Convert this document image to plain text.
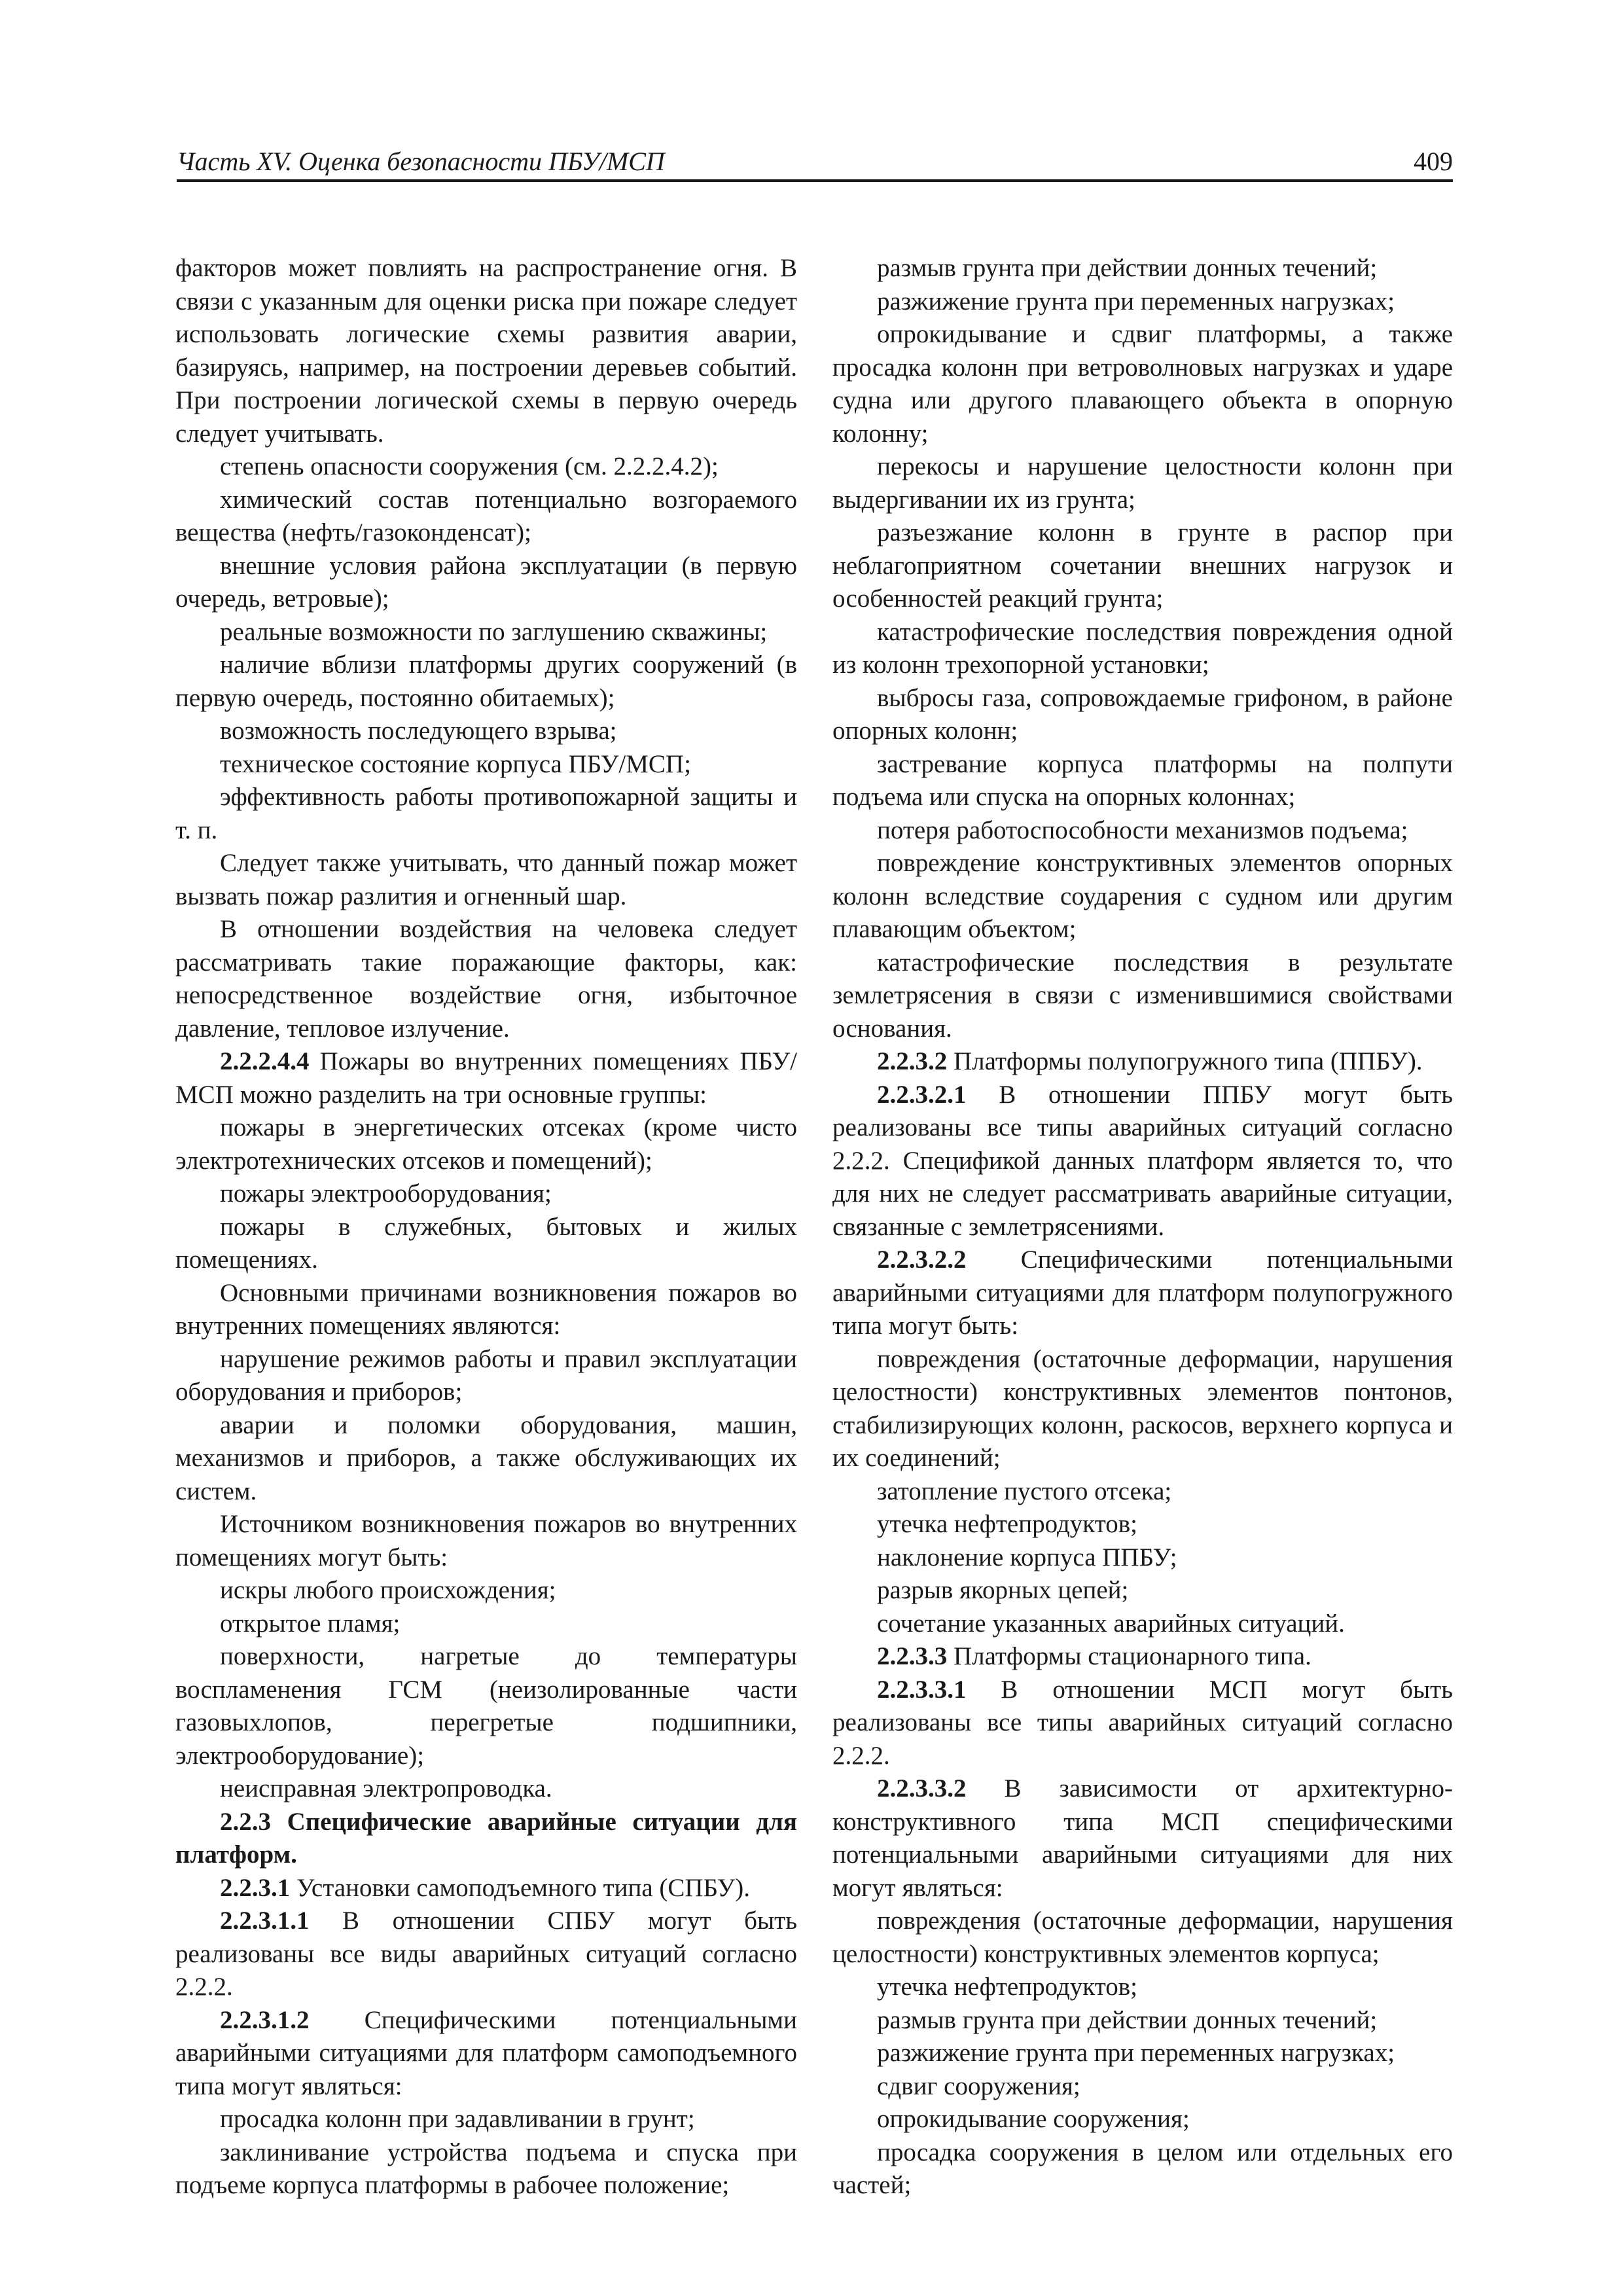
Часть XV. Оценка безопасности ПБУ/МСП	409

факторов может повлиять на распространение огня. В связи с указанным для оценки риска при пожаре следует использовать логические схемы развития аварии, базируясь, например, на построении деревьев событий. При построении логической схемы в первую очередь следует учитывать.

степень опасности сооружения (см. 2.2.2.4.2);

химический состав потенциально возгораемого вещества (нефть/газоконденсат);

внешние условия района эксплуатации (в первую очередь, ветровые);

реальные возможности по заглушению скважины;

наличие вблизи платформы других сооружений (в первую очередь, постоянно обитаемых);

возможность последующего взрыва;

техническое состояние корпуса ПБУ/МСП;

эффективность работы противопожарной защиты и т. п.

Следует также учитывать, что данный пожар может вызвать пожар разлития и огненный шар.

В отношении воздействия на человека следует рассматривать такие поражающие факторы, как: непосредственное воздействие огня, избыточное давление, тепловое излучение.

2.2.2.4.4 Пожары во внутренних помещениях ПБУ/МСП можно разделить на три основные группы:

пожары в энергетических отсеках (кроме чисто электротехнических отсеков и помещений);

пожары электрооборудования;

пожары в служебных, бытовых и жилых помещениях.

Основными причинами возникновения пожаров во внутренних помещениях являются:

нарушение режимов работы и правил эксплуатации оборудования и приборов;

аварии и поломки оборудования, машин, механизмов и приборов, а также обслуживающих их систем.

Источником возникновения пожаров во внутренних помещениях могут быть:

искры любого происхождения;

открытое пламя;

поверхности, нагретые до температуры воспламенения ГСМ (неизолированные части газовыхлопов, перегретые подшипники, электрооборудование);

неисправная электропроводка.

2.2.3 Специфические аварийные ситуации для платформ.

2.2.3.1 Установки самоподъемного типа (СПБУ).

2.2.3.1.1 В отношении СПБУ могут быть реализованы все виды аварийных ситуаций согласно 2.2.2.

2.2.3.1.2 Специфическими потенциальными аварийными ситуациями для платформ самоподъемного типа могут являться:

просадка колонн при задавливании в грунт;

заклинивание устройства подъема и спуска при подъеме корпуса платформы в рабочее положение;

размыв грунта при действии донных течений;

разжижение грунта при переменных нагрузках;

опрокидывание и сдвиг платформы, а также просадка колонн при ветроволновых нагрузках и ударе судна или другого плавающего объекта в опорную колонну;

перекосы и нарушение целостности колонн при выдергивании их из грунта;

разъезжание колонн в грунте в распор при неблагоприятном сочетании внешних нагрузок и особенностей реакций грунта;

катастрофические последствия повреждения одной из колонн трехопорной установки;

выбросы газа, сопровождаемые грифоном, в районе опорных колонн;

застревание корпуса платформы на полпути подъема или спуска на опорных колоннах;

потеря работоспособности механизмов подъема;

повреждение конструктивных элементов опорных колонн вследствие соударения с судном или другим плавающим объектом;

катастрофические последствия в результате землетрясения в связи с изменившимися свойствами основания.

2.2.3.2 Платформы полупогружного типа (ППБУ).

2.2.3.2.1 В отношении ППБУ могут быть реализованы все типы аварийных ситуаций согласно 2.2.2. Спецификой данных платформ является то, что для них не следует рассматривать аварийные ситуации, связанные с землетрясениями.

2.2.3.2.2 Специфическими потенциальными аварийными ситуациями для платформ полупогружного типа могут быть:

повреждения (остаточные деформации, нарушения целостности) конструктивных элементов понтонов, стабилизирующих колонн, раскосов, верхнего корпуса и их соединений;

затопление пустого отсека;

утечка нефтепродуктов;

наклонение корпуса ППБУ;

разрыв якорных цепей;

сочетание указанных аварийных ситуаций.

2.2.3.3 Платформы стационарного типа.

2.2.3.3.1 В отношении МСП могут быть реализованы все типы аварийных ситуаций согласно 2.2.2.

2.2.3.3.2 В зависимости от архитектурно-конструктивного типа МСП специфическими потенциальными аварийными ситуациями для них могут являться:

повреждения (остаточные деформации, нарушения целостности) конструктивных элементов корпуса;

утечка нефтепродуктов;

размыв грунта при действии донных течений;

разжижение грунта при переменных нагрузках;

сдвиг сооружения;

опрокидывание сооружения;

просадка сооружения в целом или отдельных его частей;
